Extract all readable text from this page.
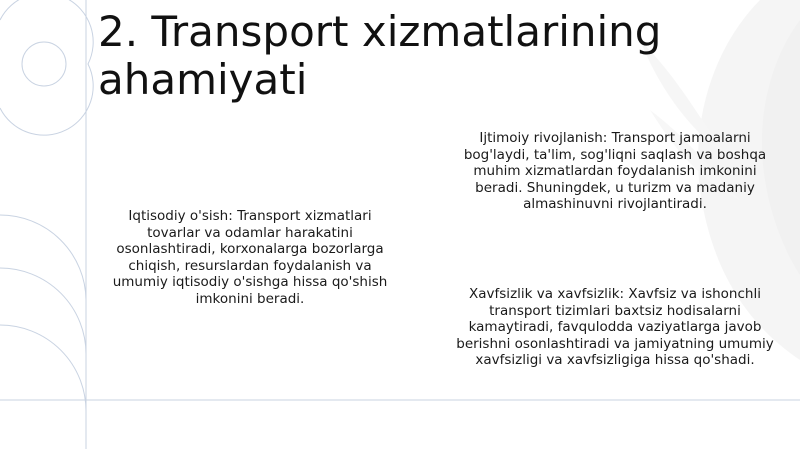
2. Transport xizmatlarining ahamiyati

Iqtisodiy o'sish: Transport xizmatlari tovarlar va odamlar harakatini osonlashtiradi, korxonalarga bozorlarga chiqish, resurslardan foydalanish va umumiy iqtisodiy o'sishga hissa qo'shish imkonini beradi.

Ijtimoiy rivojlanish: Transport jamoalarni bog'laydi, ta'lim, sog'liqni saqlash va boshqa muhim xizmatlardan foydalanish imkonini beradi. Shuningdek, u turizm va madaniy almashinuvni rivojlantiradi.

Xavfsizlik va xavfsizlik: Xavfsiz va ishonchli transport tizimlari baxtsiz hodisalarni kamaytiradi, favqulodda vaziyatlarga javob berishni osonlashtiradi va jamiyatning umumiy xavfsizligi va xavfsizligiga hissa qo'shadi.
